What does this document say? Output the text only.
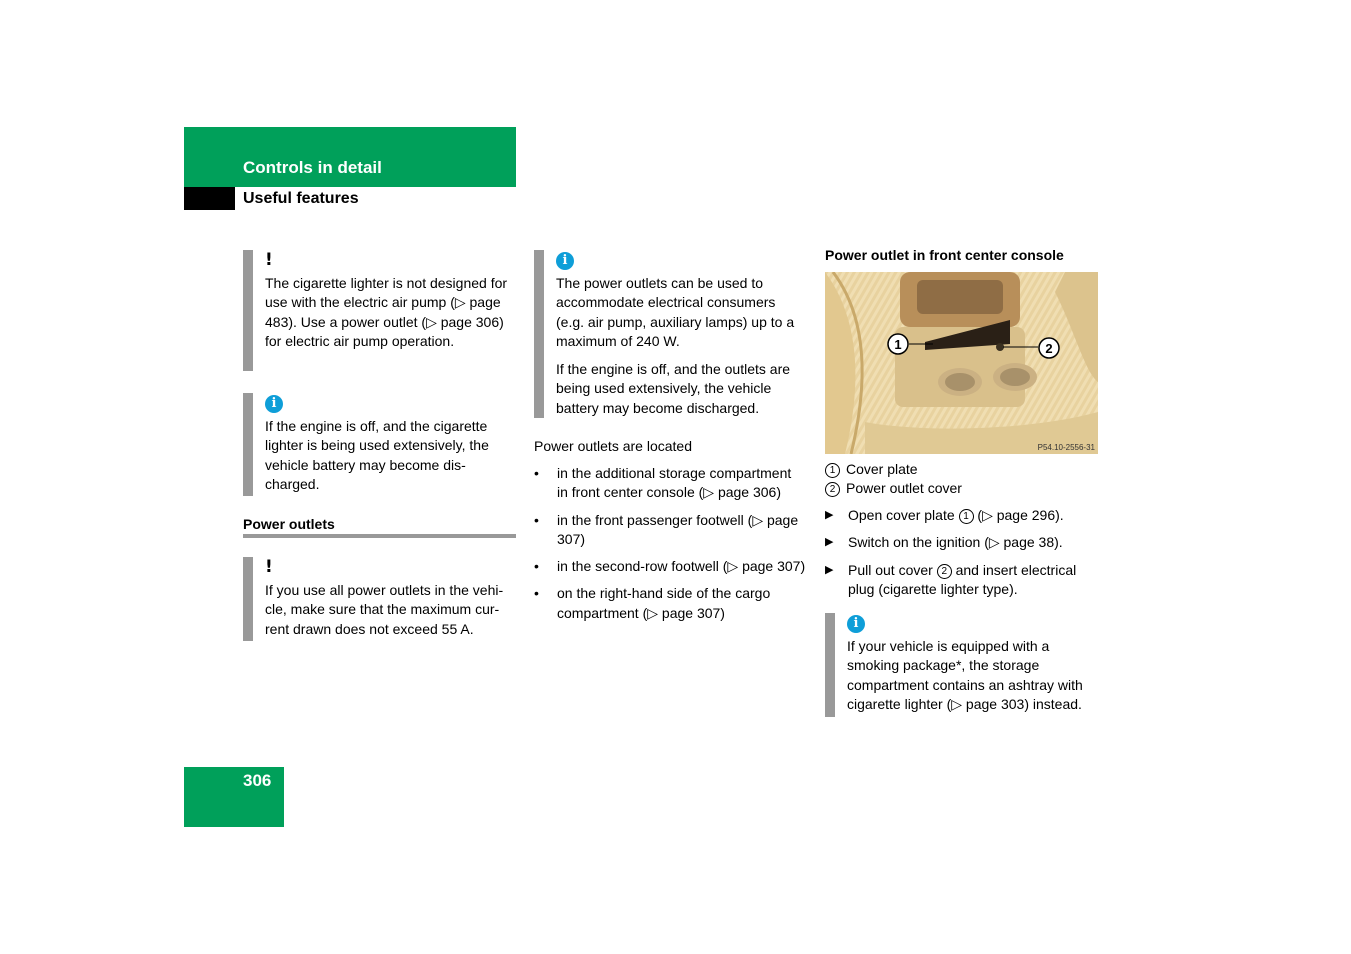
Controls in detail
Useful features
!

The cigarette lighter is not designed for use with the electric air pump (▷ page 483). Use a power outlet (▷ page 306) for electric air pump operation.

i

If the engine is off, and the cigarette lighter is being used extensively, the vehicle battery may become dis-charged.

Power outlets
!

If you use all power outlets in the vehi-cle, make sure that the maximum cur-rent drawn does not exceed 55 A.

i

The power outlets can be used to accommodate electrical consumers (e.g. air pump, auxiliary lamps) up to a maximum of 240 W.

If the engine is off, and the outlets are being used extensively, the vehicle battery may become discharged.

Power outlets are located
• in the additional storage compartment in front center console (▷ page 306)
• in the front passenger footwell (▷ page 307)
• in the second-row footwell (▷ page 307)
• on the right-hand side of the cargo compartment (▷ page 307)
Power outlet in front center console
1	2
P54.10-2556-31
1 Cover plate
2 Power outlet cover
▶ Open cover plate 1 (▷ page 296).
▶ Switch on the ignition (▷ page 38).
▶ Pull out cover 2 and insert electrical plug (cigarette lighter type).
i

If your vehicle is equipped with a smoking package*, the storage compartment contains an ashtray with cigarette lighter (▷ page 303) instead.

306
